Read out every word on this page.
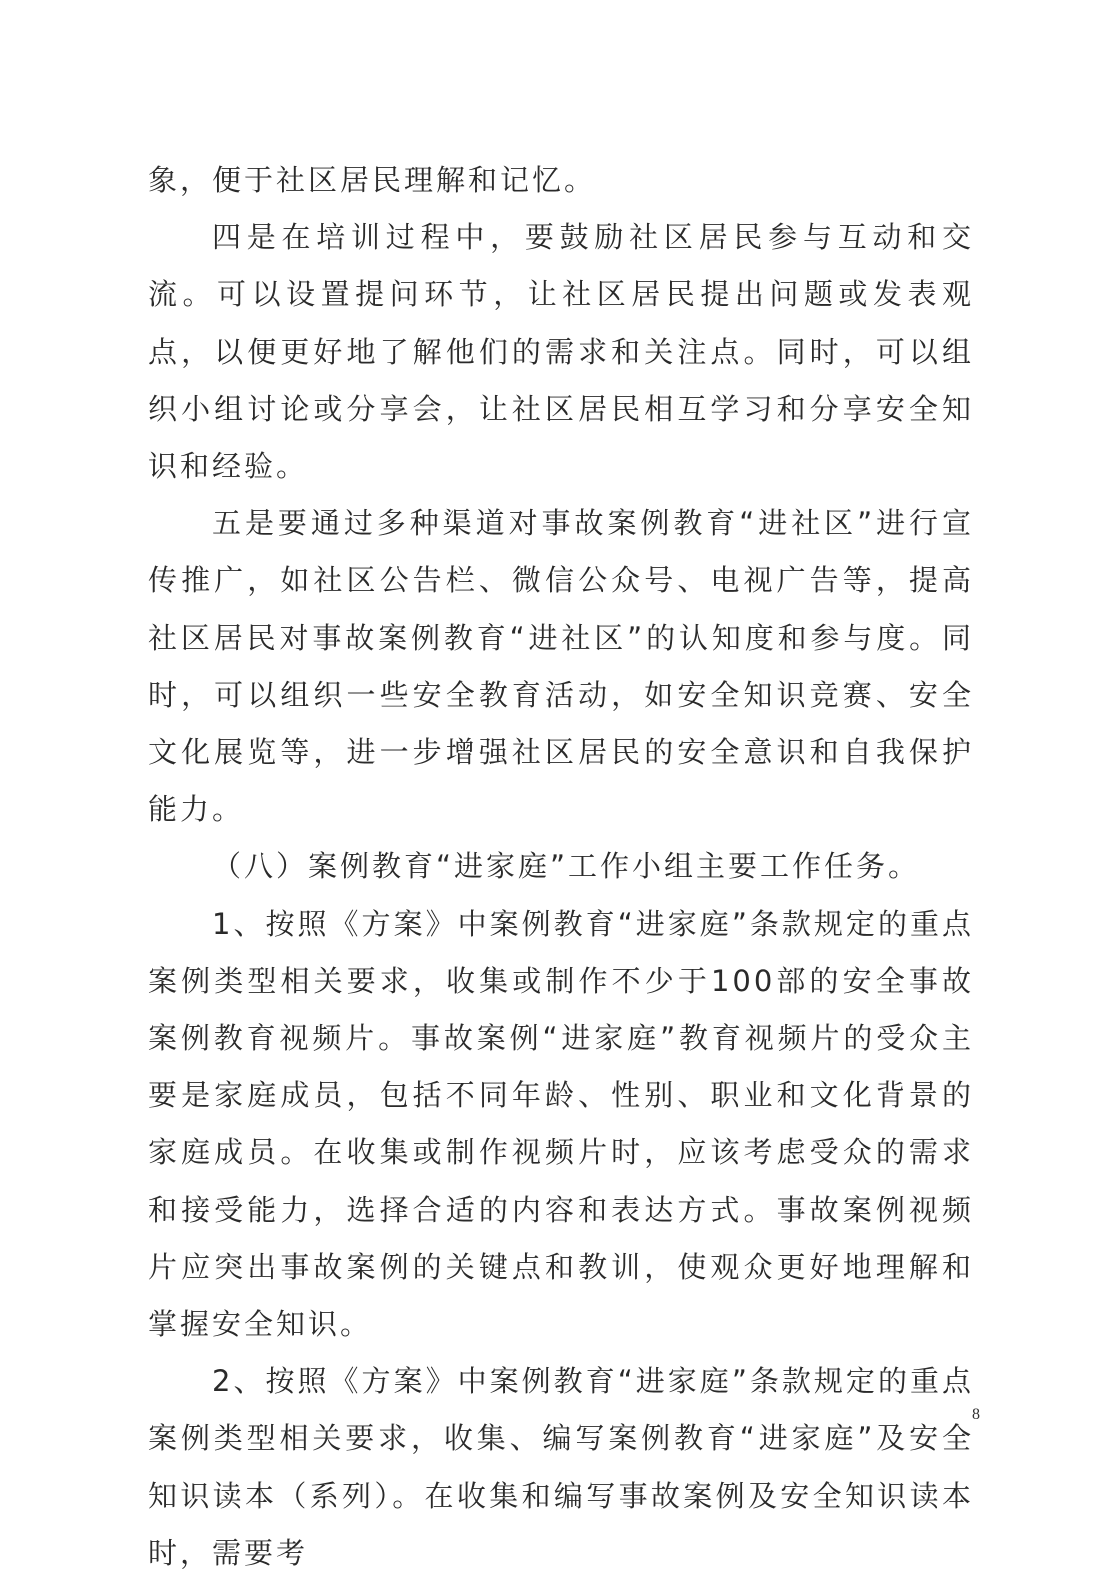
象，便于社区居民理解和记忆。

四是在培训过程中，要鼓励社区居民参与互动和交流。可以设置提问环节，让社区居民提出问题或发表观点，以便更好地了解他们的需求和关注点。同时，可以组织小组讨论或分享会，让社区居民相互学习和分享安全知识和经验。

五是要通过多种渠道对事故案例教育“进社区”进行宣传推广，如社区公告栏、微信公众号、电视广告等，提高社区居民对事故案例教育“进社区”的认知度和参与度。同时，可以组织一些安全教育活动，如安全知识竞赛、安全文化展览等，进一步增强社区居民的安全意识和自我保护能力。

（八）案例教育“进家庭”工作小组主要工作任务。

1、按照《方案》中案例教育“进家庭”条款规定的重点案例类型相关要求，收集或制作不少于100部的安全事故案例教育视频片。事故案例“进家庭”教育视频片的受众主要是家庭成员，包括不同年龄、性别、职业和文化背景的家庭成员。在收集或制作视频片时，应该考虑受众的需求和接受能力，选择合适的内容和表达方式。事故案例视频片应突出事故案例的关键点和教训，使观众更好地理解和掌握安全知识。

2、按照《方案》中案例教育“进家庭”条款规定的重点案例类型相关要求，收集、编写案例教育“进家庭”及安全知识读本（系列）。在收集和编写事故案例及安全知识读本时，需要考

8
